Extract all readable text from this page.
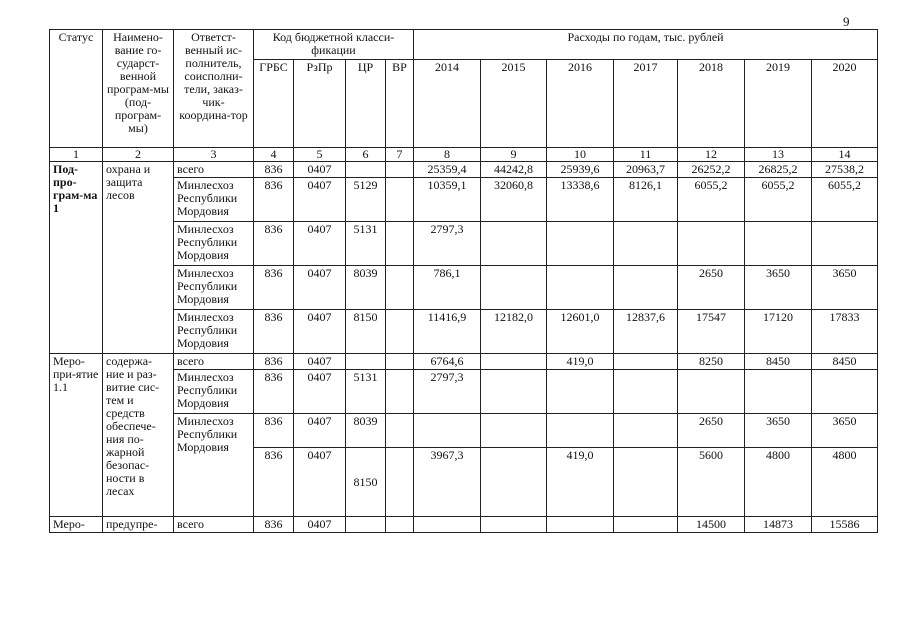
9
Статус	Наимено-вание го-сударст-венной програм-мы (под-програм-мы)	Ответст-венный ис-полнитель, соисполни-тели, заказ-чик-координа-тор	Код бюджетной класси-фикации				Расходы по годам, тыс. рублей						
			ГРБС	РзПр	ЦР	ВР	2014	2015	2016	2017	2018	2019	2020
1	2	3	4	5	6	7	8	9	10	11	12	13	14
Под-про-грам-ма 1	охрана и защита лесов	всего	836	0407			25359,4	44242,8	25939,6	20963,7	26252,2	26825,2	27538,2
		Минлесхоз Республики Мордовия	836	0407	5129		10359,1	32060,8	13338,6	8126,1	6055,2	6055,2	6055,2
		Минлесхоз Республики Мордовия	836	0407	5131		2797,3						
		Минлесхоз Республики Мордовия	836	0407	8039		786,1				2650	3650	3650
		Минлесхоз Республики Мордовия	836	0407	8150		11416,9	12182,0	12601,0	12837,6	17547	17120	17833
Меро-при-ятие 1.1	содержа-ние и раз-витие сис-тем и средств обеспече-ния по-жарной безопас-ности в лесах	всего	836	0407			6764,6		419,0		8250	8450	8450
		Минлесхоз Республики Мордовия	836	0407	5131		2797,3						
		Минлесхоз Республики Мордовия	836	0407	8039						2650	3650	3650
			836	0407	8150		3967,3		419,0		5600	4800	4800
Меро-	предупре-	всего	836	0407							14500	14873	15586
